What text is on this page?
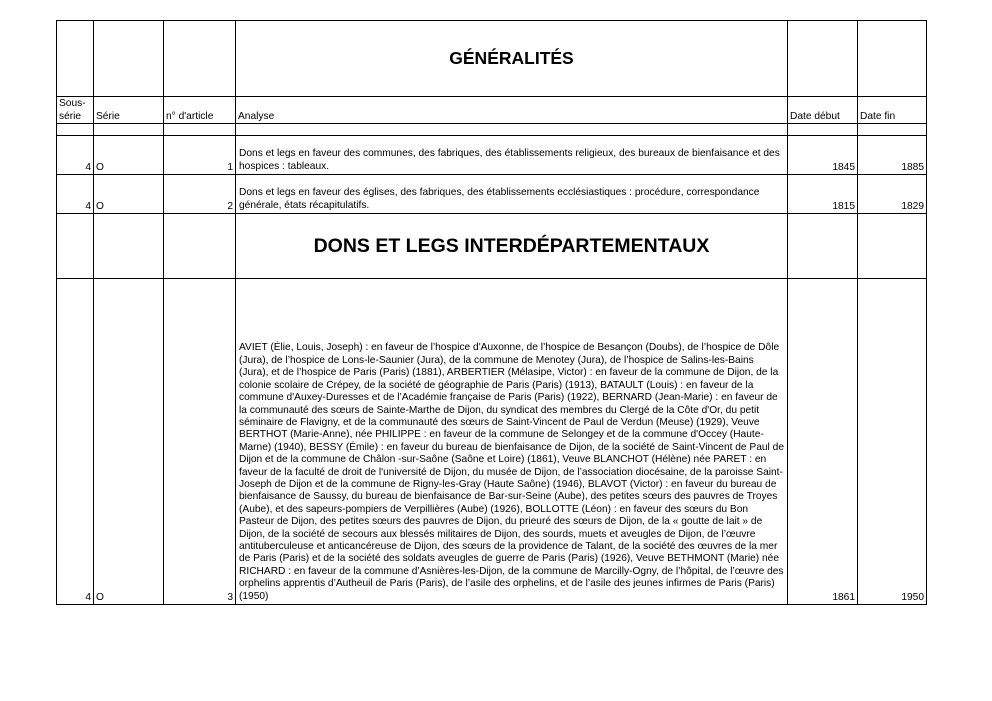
			GÉNÉRALITÉS		
Sous-série	Série	n° d'article	Analyse	Date début	Date fin

4	O	1	Dons et legs en faveur des communes, des fabriques, des établissements religieux, des bureaux de bienfaisance et des hospices : tableaux.	1845	1885
4	O	2	Dons et legs en faveur des églises, des fabriques, des établissements ecclésiastiques : procédure, correspondance générale, états récapitulatifs.	1815	1829
			DONS ET LEGS INTERDÉPARTEMENTAUX		
4	O	3	AVIET (Élie, Louis, Joseph) : en faveur de l’hospice d'Auxonne, de l’hospice de Besançon (Doubs), de l’hospice de Dôle (Jura), de l’hospice de Lons-le-Saunier (Jura), de la commune de Menotey (Jura), de l’hospice de Salins-les-Bains (Jura), et de l’hospice de Paris (Paris) (1881), ARBERTIER (Mélasipe, Victor) : en faveur de la commune de Dijon, de la colonie scolaire de Crépey, de la société de géographie de Paris (Paris) (1913), BATAULT (Louis) : en faveur de la commune d'Auxey-Duresses et de l’Académie française de Paris (Paris) (1922), BERNARD (Jean-Marie) : en faveur de la communauté des sœurs de Sainte-Marthe de Dijon, du syndicat des membres du Clergé de la Côte d'Or, du petit séminaire de Flavigny, et de la communauté des sœurs de Saint-Vincent de Paul de Verdun (Meuse) (1929), Veuve BERTHOT (Marie-Anne), née PHILIPPE : en faveur de la commune de Selongey et de la commune d'Occey (Haute-Marne) (1940), BESSY (Émile) : en faveur du bureau de bienfaisance de Dijon, de la société de Saint-Vincent de Paul de Dijon et de la commune de Châlon -sur-Saône (Saône et Loire) (1861), Veuve BLANCHOT (Hélène) née PARET : en faveur de la faculté de droit de l'université de Dijon, du musée de Dijon, de l’association diocésaine, de la paroisse Saint-Joseph de Dijon et de la commune de Rigny-les-Gray (Haute Saône) (1946), BLAVOT (Victor) : en faveur du bureau de bienfaisance de Saussy, du bureau de bienfaisance de Bar-sur-Seine (Aube), des petites sœurs des pauvres de Troyes (Aube), et des sapeurs-pompiers de Verpillières (Aube) (1926), BOLLOTTE (Léon) : en faveur des sœurs du Bon Pasteur de Dijon, des petites sœurs des pauvres de Dijon, du prieuré des sœurs de Dijon, de la « goutte de lait » de Dijon, de la société de secours aux blessés militaires de Dijon, des sourds, muets et aveugles de Dijon, de l’œuvre antituberculeuse et anticancéreuse de Dijon, des sœurs de la providence de Talant, de la société des œuvres de la mer de Paris (Paris) et de la société des soldats aveugles de guerre de Paris (Paris) (1926), Veuve BETHMONT (Marie) née RICHARD : en faveur de la commune d’Asnières-les-Dijon, de la commune de Marcilly-Ogny, de l’hôpital, de l’œuvre des orphelins apprentis d’Autheuil de Paris (Paris), de l’asile des orphelins, et de l’asile des jeunes infirmes de Paris (Paris) (1950)	1861	1950
